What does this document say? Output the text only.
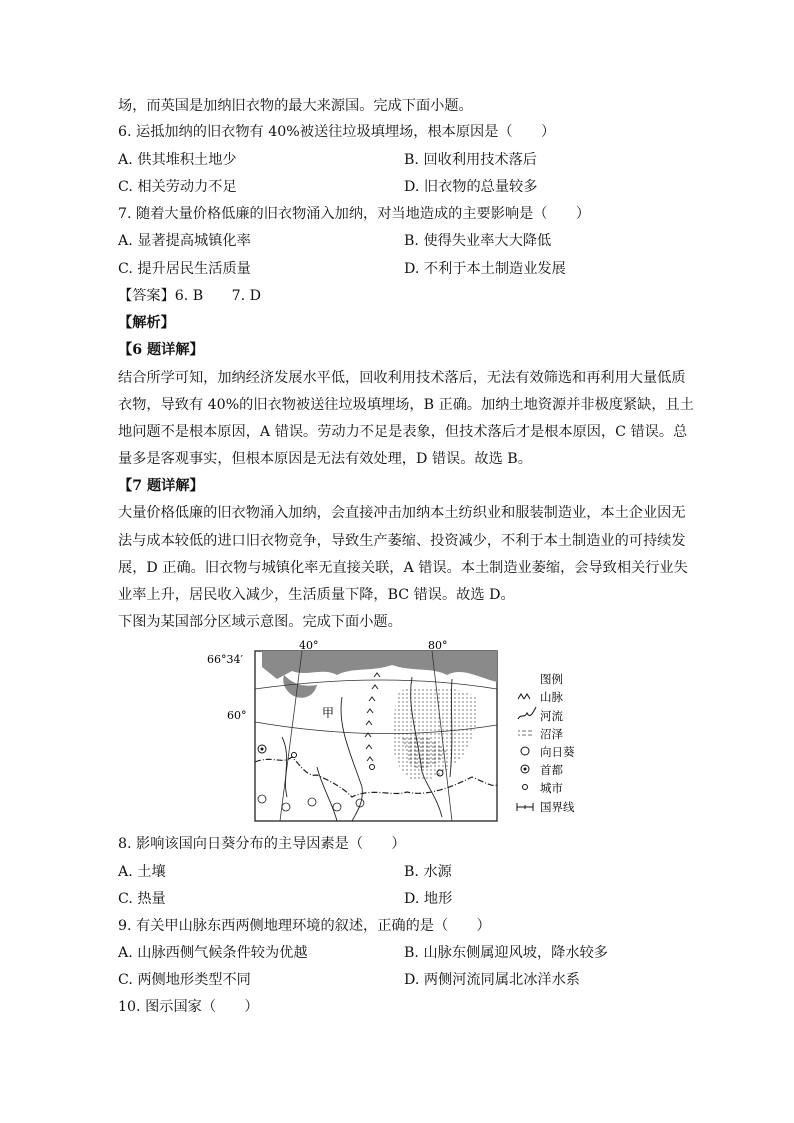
场，而英国是加纳旧衣物的最大来源国。完成下面小题。
6. 运抵加纳的旧衣物有 40%被送往垃圾填埋场，根本原因是（　　）
A. 供其堆积土地少	B. 回收利用技术落后
C. 相关劳动力不足	D. 旧衣物的总量较多
7. 随着大量价格低廉的旧衣物涌入加纳，对当地造成的主要影响是（　　）
A. 显著提高城镇化率	B. 使得失业率大大降低
C. 提升居民生活质量	D. 不利于本土制造业发展
【答案】6. B　　7. D
【解析】
【6 题详解】
结合所学可知，加纳经济发展水平低，回收利用技术落后，无法有效筛选和再利用大量低质
衣物，导致有 40%的旧衣物被送往垃圾填埋场，B 正确。加纳土地资源并非极度紧缺，且土
地问题不是根本原因，A 错误。劳动力不足是表象，但技术落后才是根本原因，C 错误。总
量多是客观事实，但根本原因是无法有效处理，D 错误。故选 B。
【7 题详解】
大量价格低廉的旧衣物涌入加纳，会直接冲击加纳本土纺织业和服装制造业，本土企业因无
法与成本较低的进口旧衣物竞争，导致生产萎缩、投资减少，不利于本土制造业的可持续发
展，D 正确。旧衣物与城镇化率无直接关联，A 错误。本土制造业萎缩，会导致相关行业失
业率上升，居民收入减少，生活质量下降，BC 错误。故选 D。
下图为某国部分区域示意图。完成下面小题。
66°34′
60°
40°	80°
甲
图例
山脉
河流
沼泽
向日葵
首都
城市
国界线
8. 影响该国向日葵分布的主导因素是（　　）
A. 土壤	B. 水源
C. 热量	D. 地形
9. 有关甲山脉东西两侧地理环境的叙述，正确的是（　　）
A. 山脉西侧气候条件较为优越	B. 山脉东侧属迎风坡，降水较多
C. 两侧地形类型不同	D. 两侧河流同属北冰洋水系
10. 图示国家（　　）
